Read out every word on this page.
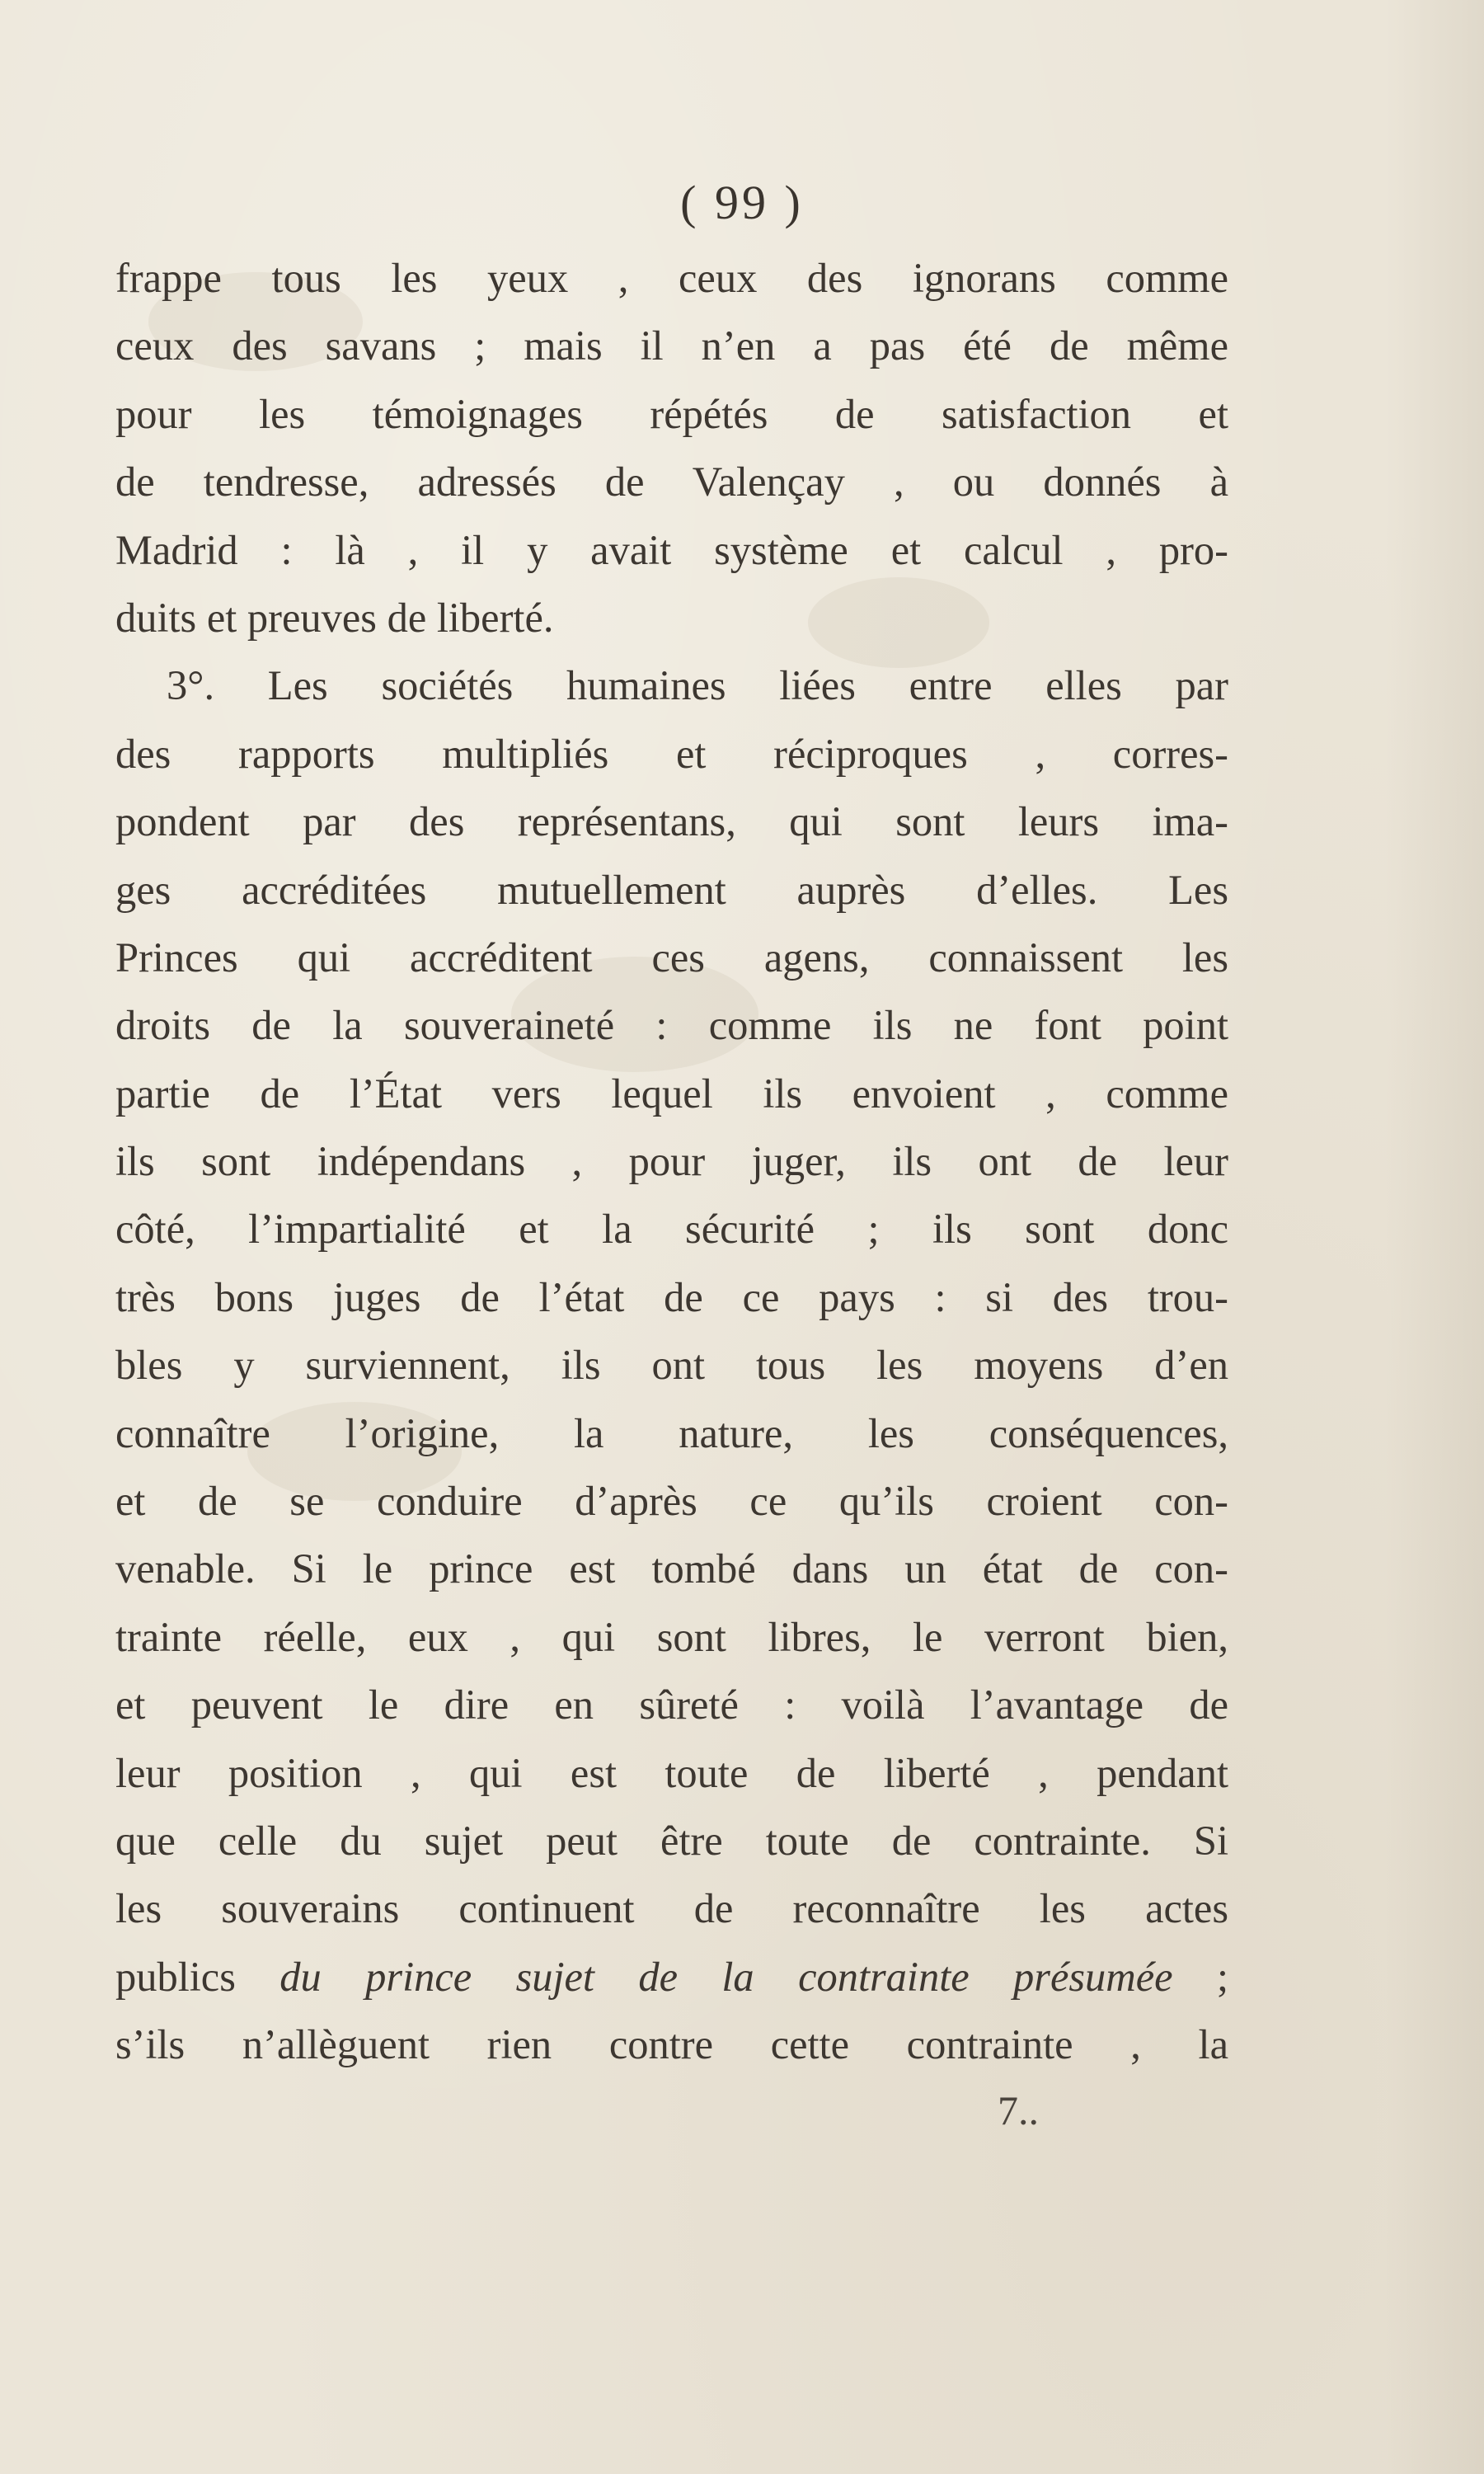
( 99 )
frappe tous les yeux , ceux des ignorans comme
ceux des savans ; mais il n’en a pas été de même
pour les témoignages répétés de satisfaction et
de tendresse, adressés de Valençay , ou donnés à
Madrid : là , il y avait système et calcul , pro-
duits et preuves de liberté.
3°. Les sociétés humaines liées entre elles par
des rapports multipliés et réciproques , corres-
pondent par des représentans, qui sont leurs ima-
ges accréditées mutuellement auprès d’elles. Les
Princes qui accréditent ces agens, connaissent les
droits de la souveraineté : comme ils ne font point
partie de l’État vers lequel ils envoient , comme
ils sont indépendans , pour juger, ils ont de leur
côté, l’impartialité et la sécurité ; ils sont donc
très bons juges de l’état de ce pays : si des trou-
bles y surviennent, ils ont tous les moyens d’en
connaître l’origine, la nature, les conséquences,
et de se conduire d’après ce qu’ils croient con-
venable. Si le prince est tombé dans un état de con-
trainte réelle, eux , qui sont libres, le verront bien,
et peuvent le dire en sûreté : voilà l’avantage de
leur position , qui est toute de liberté , pendant
que celle du sujet peut être toute de contrainte. Si
les souverains continuent de reconnaître les actes
publics du prince sujet de la contrainte présumée ;
s’ils n’allèguent rien contre cette contrainte , la
7..
